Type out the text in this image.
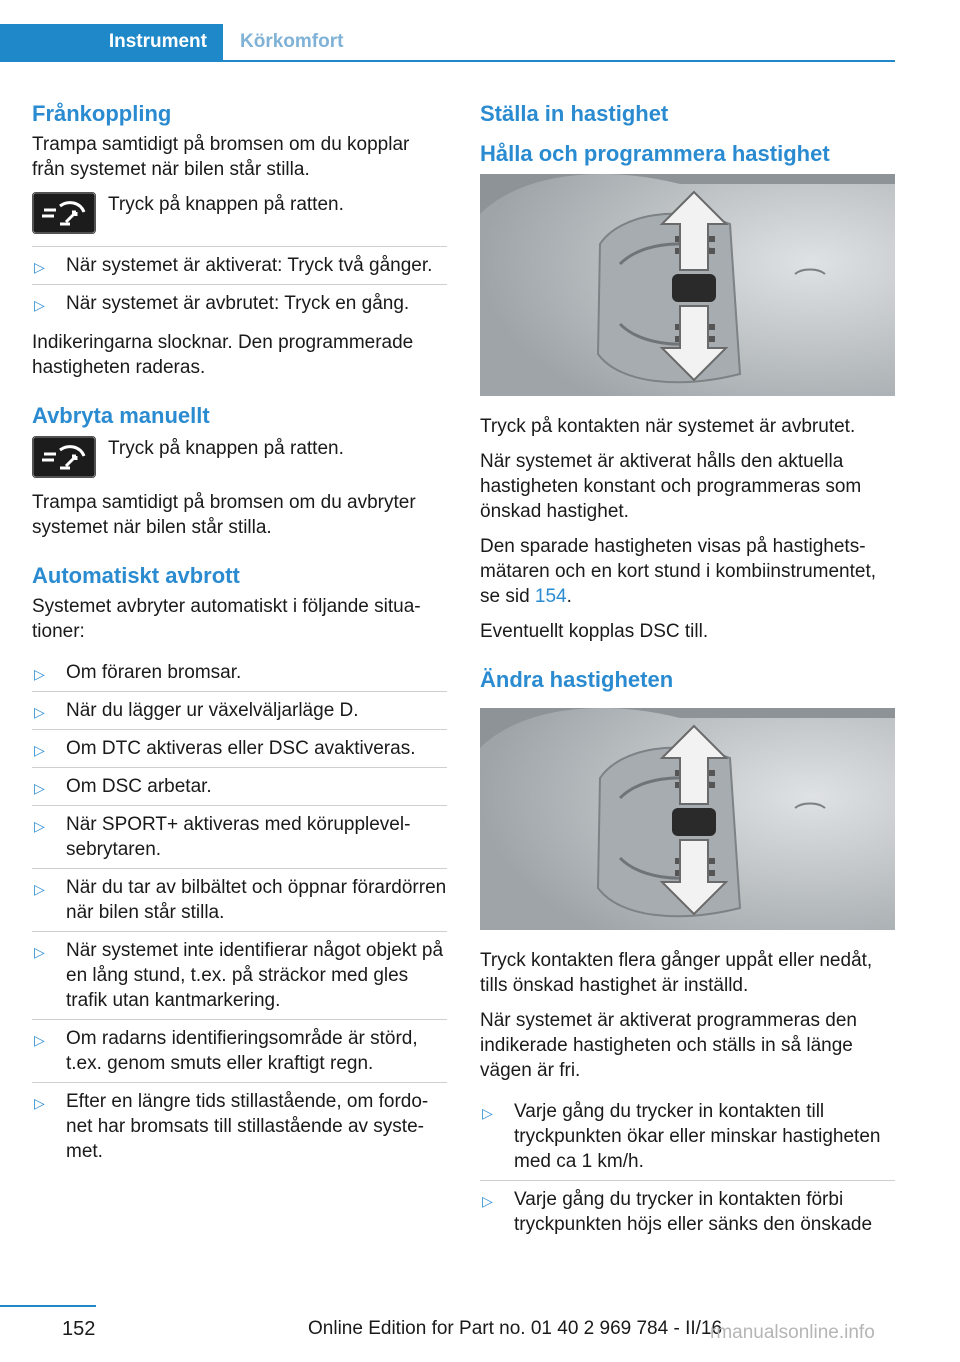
Instrument Körkomfort
Frånkoppling

Trampa samtidigt på bromsen om du kopplar från systemet när bilen står stilla.

Tryck på knappen på ratten.
▷ När systemet är aktiverat: Tryck två gånger.
▷ När systemet är avbrutet: Tryck en gång.

Indikeringarna slocknar. Den programmerade hastigheten raderas.

Avbryta manuellt
Tryck på knappen på ratten.

Trampa samtidigt på bromsen om du avbryter systemet när bilen står stilla.

Automatiskt avbrott

Systemet avbryter automatiskt i följande situationer:

▷ Om föraren bromsar.
▷ När du lägger ur växelväljarläge D.
▷ Om DTC aktiveras eller DSC avaktiveras.
▷ Om DSC arbetar.
▷ När SPORT+ aktiveras med körupplevelsebrytaren.
▷ När du tar av bilbältet och öppnar förardörren när bilen står stilla.
▷ När systemet inte identifierar något objekt på en lång stund, t.ex. på sträckor med gles trafik utan kantmarkering.
▷ Om radarns identifieringsområde är störd, t.ex. genom smuts eller kraftigt regn.
▷ Efter en längre tids stillastående, om fordonet har bromsats till stillastående av systemet.
Ställa in hastighet
Hålla och programmera hastighet

Tryck på kontakten när systemet är avbrutet.

När systemet är aktiverat hålls den aktuella hastigheten konstant och programmeras som önskad hastighet.

Den sparade hastigheten visas på hastighetsmätaren och en kort stund i kombiinstrumentet, se sid 154.

Eventuellt kopplas DSC till.

Ändra hastigheten

Tryck kontakten flera gånger uppåt eller nedåt, tills önskad hastighet är inställd.

När systemet är aktiverat programmeras den indikerade hastigheten och ställs in så länge vägen är fri.

▷ Varje gång du trycker in kontakten till tryckpunkten ökar eller minskar hastigheten med ca 1 km/h.
▷ Varje gång du trycker in kontakten förbi tryckpunkten höjs eller sänks den önskade
152	Online Edition for Part no. 01 40 2 969 784 - II/16
rmanualsonline.info
